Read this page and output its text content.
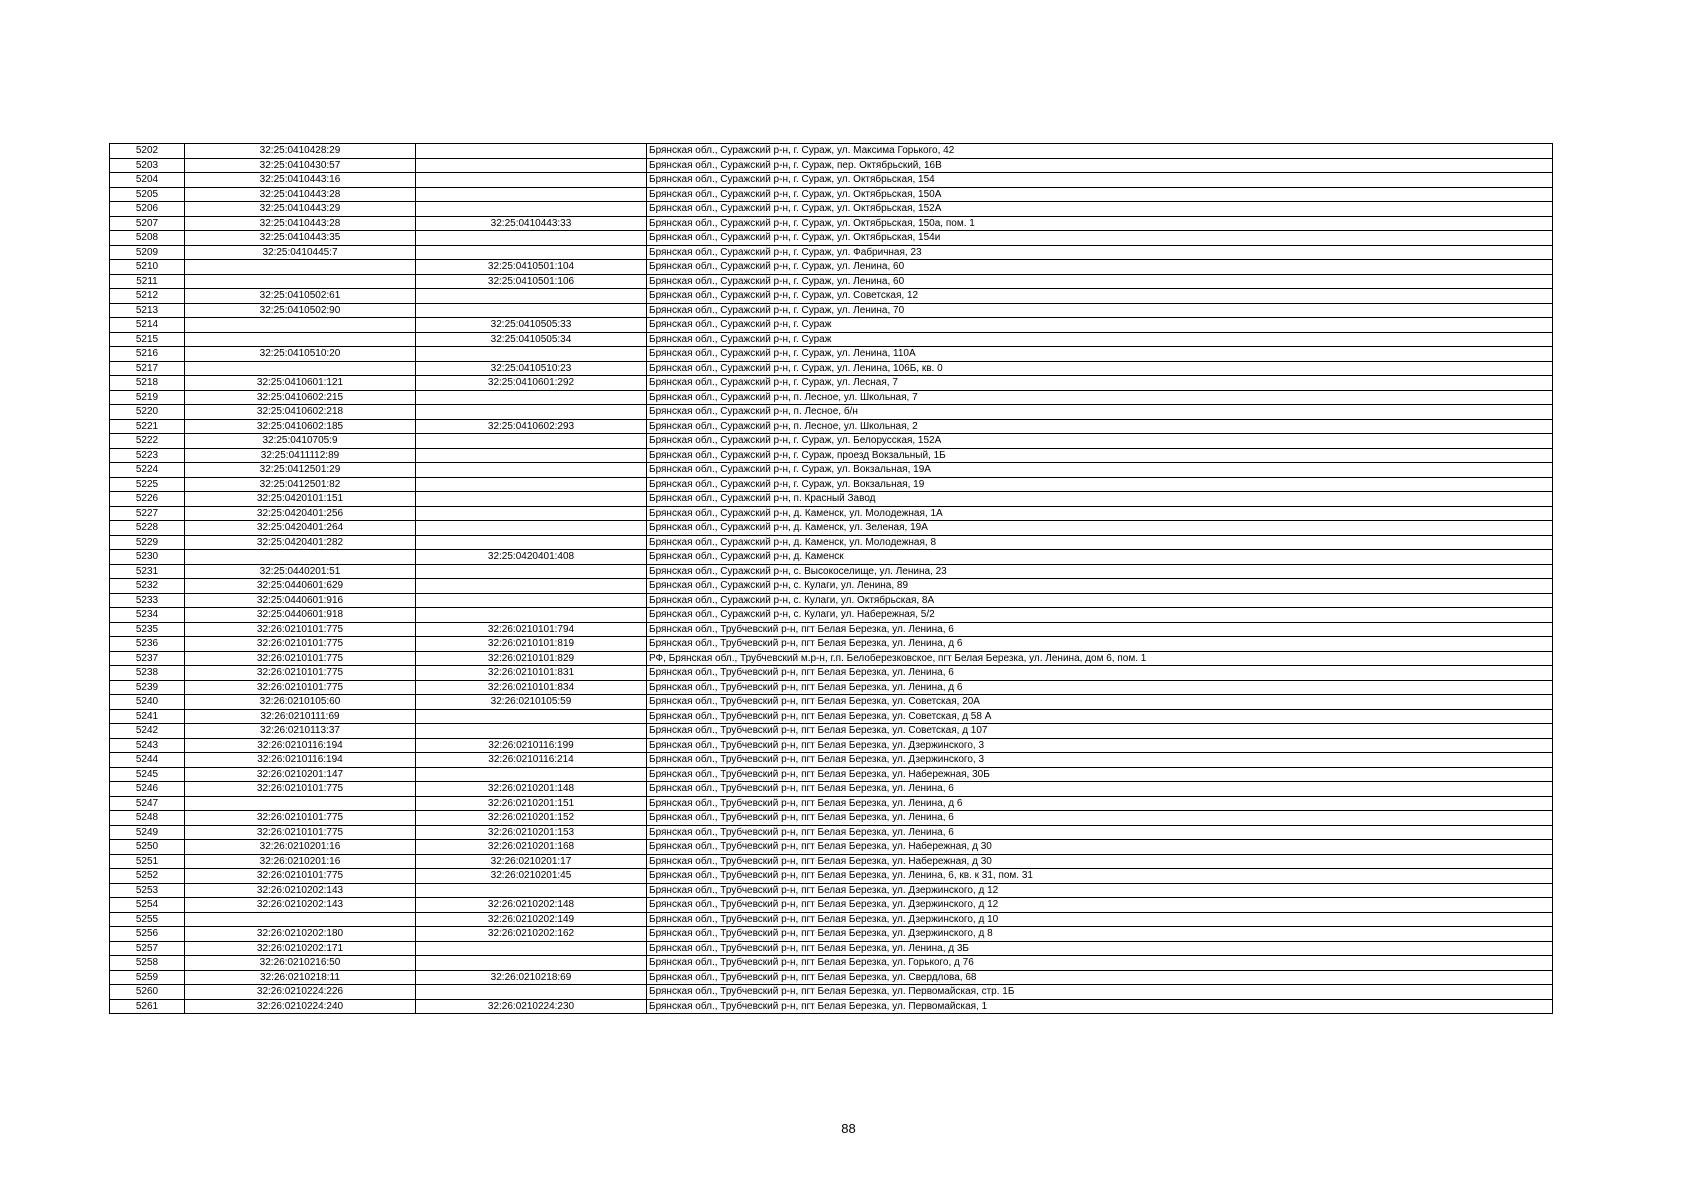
5202	32:25:0410428:29		Брянская обл., Суражский р-н, г. Сураж, ул. Максима Горького, 42
5203	32:25:0410430:57		Брянская обл., Суражский р-н, г. Сураж, пер. Октябрьский, 16В
5204	32:25:0410443:16		Брянская обл., Суражский р-н, г. Сураж, ул. Октябрьская, 154
5205	32:25:0410443:28		Брянская обл., Суражский р-н, г. Сураж, ул. Октябрьская, 150А
5206	32:25:0410443:29		Брянская обл., Суражский р-н, г. Сураж, ул. Октябрьская, 152А
5207	32:25:0410443:28	32:25:0410443:33	Брянская обл., Суражский р-н, г. Сураж, ул. Октябрьская, 150а, пом. 1
5208	32:25:0410443:35		Брянская обл., Суражский р-н, г. Сураж, ул. Октябрьская, 154и
5209	32:25:0410445:7		Брянская обл., Суражский р-н, г. Сураж, ул. Фабричная, 23
5210		32:25:0410501:104	Брянская обл., Суражский р-н, г. Сураж, ул. Ленина, 60
5211		32:25:0410501:106	Брянская обл., Суражский р-н, г. Сураж, ул. Ленина, 60
5212	32:25:0410502:61		Брянская обл., Суражский р-н, г. Сураж, ул. Советская, 12
5213	32:25:0410502:90		Брянская обл., Суражский р-н, г. Сураж, ул. Ленина, 70
5214		32:25:0410505:33	Брянская обл., Суражский р-н, г. Сураж
5215		32:25:0410505:34	Брянская обл., Суражский р-н, г. Сураж
5216	32:25:0410510:20		Брянская обл., Суражский р-н, г. Сураж, ул. Ленина, 110А
5217		32:25:0410510:23	Брянская обл., Суражский р-н, г. Сураж, ул. Ленина, 106Б, кв. 0
5218	32:25:0410601:121	32:25:0410601:292	Брянская обл., Суражский р-н, г. Сураж, ул. Лесная, 7
5219	32:25:0410602:215		Брянская обл., Суражский р-н, п. Лесное, ул. Школьная, 7
5220	32:25:0410602:218		Брянская обл., Суражский р-н, п. Лесное, б/н
5221	32:25:0410602:185	32:25:0410602:293	Брянская обл., Суражский р-н, п. Лесное, ул. Школьная, 2
5222	32:25:0410705:9		Брянская обл., Суражский р-н, г. Сураж, ул. Белорусская, 152А
5223	32:25:0411112:89		Брянская обл., Суражский р-н, г. Сураж, проезд Вокзальный, 1Б
5224	32:25:0412501:29		Брянская обл., Суражский р-н, г. Сураж, ул. Вокзальная, 19А
5225	32:25:0412501:82		Брянская обл., Суражский р-н, г. Сураж, ул. Вокзальная, 19
5226	32:25:0420101:151		Брянская обл., Суражский р-н, п. Красный Завод
5227	32:25:0420401:256		Брянская обл., Суражский р-н, д. Каменск, ул. Молодежная, 1А
5228	32:25:0420401:264		Брянская обл., Суражский р-н, д. Каменск, ул. Зеленая, 19А
5229	32:25:0420401:282		Брянская обл., Суражский р-н, д. Каменск, ул. Молодежная, 8
5230		32:25:0420401:408	Брянская обл., Суражский р-н, д. Каменск
5231	32:25:0440201:51		Брянская обл., Суражский р-н, с. Высокоселище, ул. Ленина, 23
5232	32:25:0440601:629		Брянская обл., Суражский р-н, с. Кулаги, ул. Ленина, 89
5233	32:25:0440601:916		Брянская обл., Суражский р-н, с. Кулаги, ул. Октябрьская, 8А
5234	32:25:0440601:918		Брянская обл., Суражский р-н, с. Кулаги, ул. Набережная, 5/2
5235	32:26:0210101:775	32:26:0210101:794	Брянская обл., Трубчевский р-н, пгт Белая Березка, ул. Ленина, 6
5236	32:26:0210101:775	32:26:0210101:819	Брянская обл., Трубчевский р-н, пгт Белая Березка, ул. Ленина, д 6
5237	32:26:0210101:775	32:26:0210101:829	РФ, Брянская обл., Трубчевский м.р-н, г.п. Белоберезковское, пгт Белая Березка, ул. Ленина, дом 6, пом. 1
5238	32:26:0210101:775	32:26:0210101:831	Брянская обл., Трубчевский р-н, пгт Белая Березка, ул. Ленина, 6
5239	32:26:0210101:775	32:26:0210101:834	Брянская обл., Трубчевский р-н, пгт Белая Березка, ул. Ленина, д 6
5240	32:26:0210105:60	32:26:0210105:59	Брянская обл., Трубчевский р-н, пгт Белая Березка, ул. Советская, 20А
5241	32:26:0210111:69		Брянская обл., Трубчевский р-н, пгт Белая Березка, ул. Советская, д 58 А
5242	32:26:0210113:37		Брянская обл., Трубчевский р-н, пгт Белая Березка, ул. Советская, д 107
5243	32:26:0210116:194	32:26:0210116:199	Брянская обл., Трубчевский р-н, пгт Белая Березка, ул. Дзержинского, 3
5244	32:26:0210116:194	32:26:0210116:214	Брянская обл., Трубчевский р-н, пгт Белая Березка, ул. Дзержинского, 3
5245	32:26:0210201:147		Брянская обл., Трубчевский р-н, пгт Белая Березка, ул. Набережная, 30Б
5246	32:26:0210101:775	32:26:0210201:148	Брянская обл., Трубчевский р-н, пгт Белая Березка, ул. Ленина, 6
5247		32:26:0210201:151	Брянская обл., Трубчевский р-н, пгт Белая Березка, ул. Ленина, д 6
5248	32:26:0210101:775	32:26:0210201:152	Брянская обл., Трубчевский р-н, пгт Белая Березка, ул. Ленина, 6
5249	32:26:0210101:775	32:26:0210201:153	Брянская обл., Трубчевский р-н, пгт Белая Березка, ул. Ленина, 6
5250	32:26:0210201:16	32:26:0210201:168	Брянская обл., Трубчевский р-н, пгт Белая Березка, ул. Набережная, д 30
5251	32:26:0210201:16	32:26:0210201:17	Брянская обл., Трубчевский р-н, пгт Белая Березка, ул. Набережная, д 30
5252	32:26:0210101:775	32:26:0210201:45	Брянская обл., Трубчевский р-н, пгт Белая Березка, ул. Ленина, 6, кв. к 31, пом. 31
5253	32:26:0210202:143		Брянская обл., Трубчевский р-н, пгт Белая Березка, ул. Дзержинского, д 12
5254	32:26:0210202:143	32:26:0210202:148	Брянская обл., Трубчевский р-н, пгт Белая Березка, ул. Дзержинского, д 12
5255		32:26:0210202:149	Брянская обл., Трубчевский р-н, пгт Белая Березка, ул. Дзержинского, д 10
5256	32:26:0210202:180	32:26:0210202:162	Брянская обл., Трубчевский р-н, пгт Белая Березка, ул. Дзержинского, д 8
5257	32:26:0210202:171		Брянская обл., Трубчевский р-н, пгт Белая Березка, ул. Ленина, д 3Б
5258	32:26:0210216:50		Брянская обл., Трубчевский р-н, пгт Белая Березка, ул. Горького, д 76
5259	32:26:0210218:11	32:26:0210218:69	Брянская обл., Трубчевский р-н, пгт Белая Березка, ул. Свердлова, 68
5260	32:26:0210224:226		Брянская обл., Трубчевский р-н, пгт Белая Березка, ул. Первомайская, стр. 1Б
5261	32:26:0210224:240	32:26:0210224:230	Брянская обл., Трубчевский р-н, пгт Белая Березка, ул. Первомайская, 1
88
